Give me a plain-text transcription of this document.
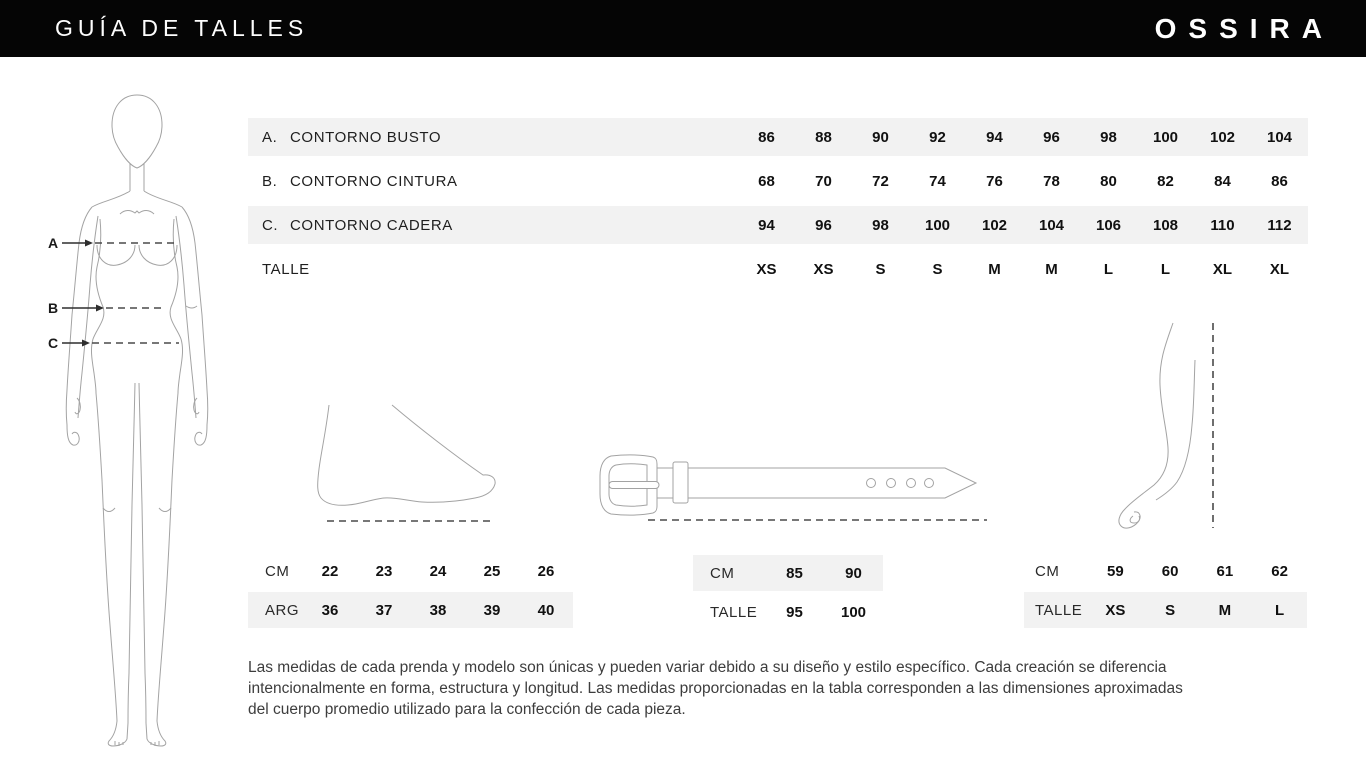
GUÍA DE TALLES	OSSIRA
A
B
C
A. CONTORNO BUSTO	86	88	90	92	94	96	98	100	102	104
B. CONTORNO CINTURA	68	70	72	74	76	78	80	82	84	86
C. CONTORNO CADERA	94	96	98	100	102	104	106	108	110	112
TALLE	XS	XS	S	S	M	M	L	L	XL	XL
CM	22	23	24	25	26
ARG	36	37	38	39	40
CM	85	90
TALLE	95	100
CM	59	60	61	62
TALLE	XS	S	M	L
Las medidas de cada prenda y modelo son únicas y pueden variar debido a su diseño y estilo específico. Cada creación se diferencia
intencionalmente en forma, estructura y longitud. Las medidas proporcionadas en la tabla corresponden a las dimensiones aproximadas
del cuerpo promedio utilizado para la confección de cada pieza.
